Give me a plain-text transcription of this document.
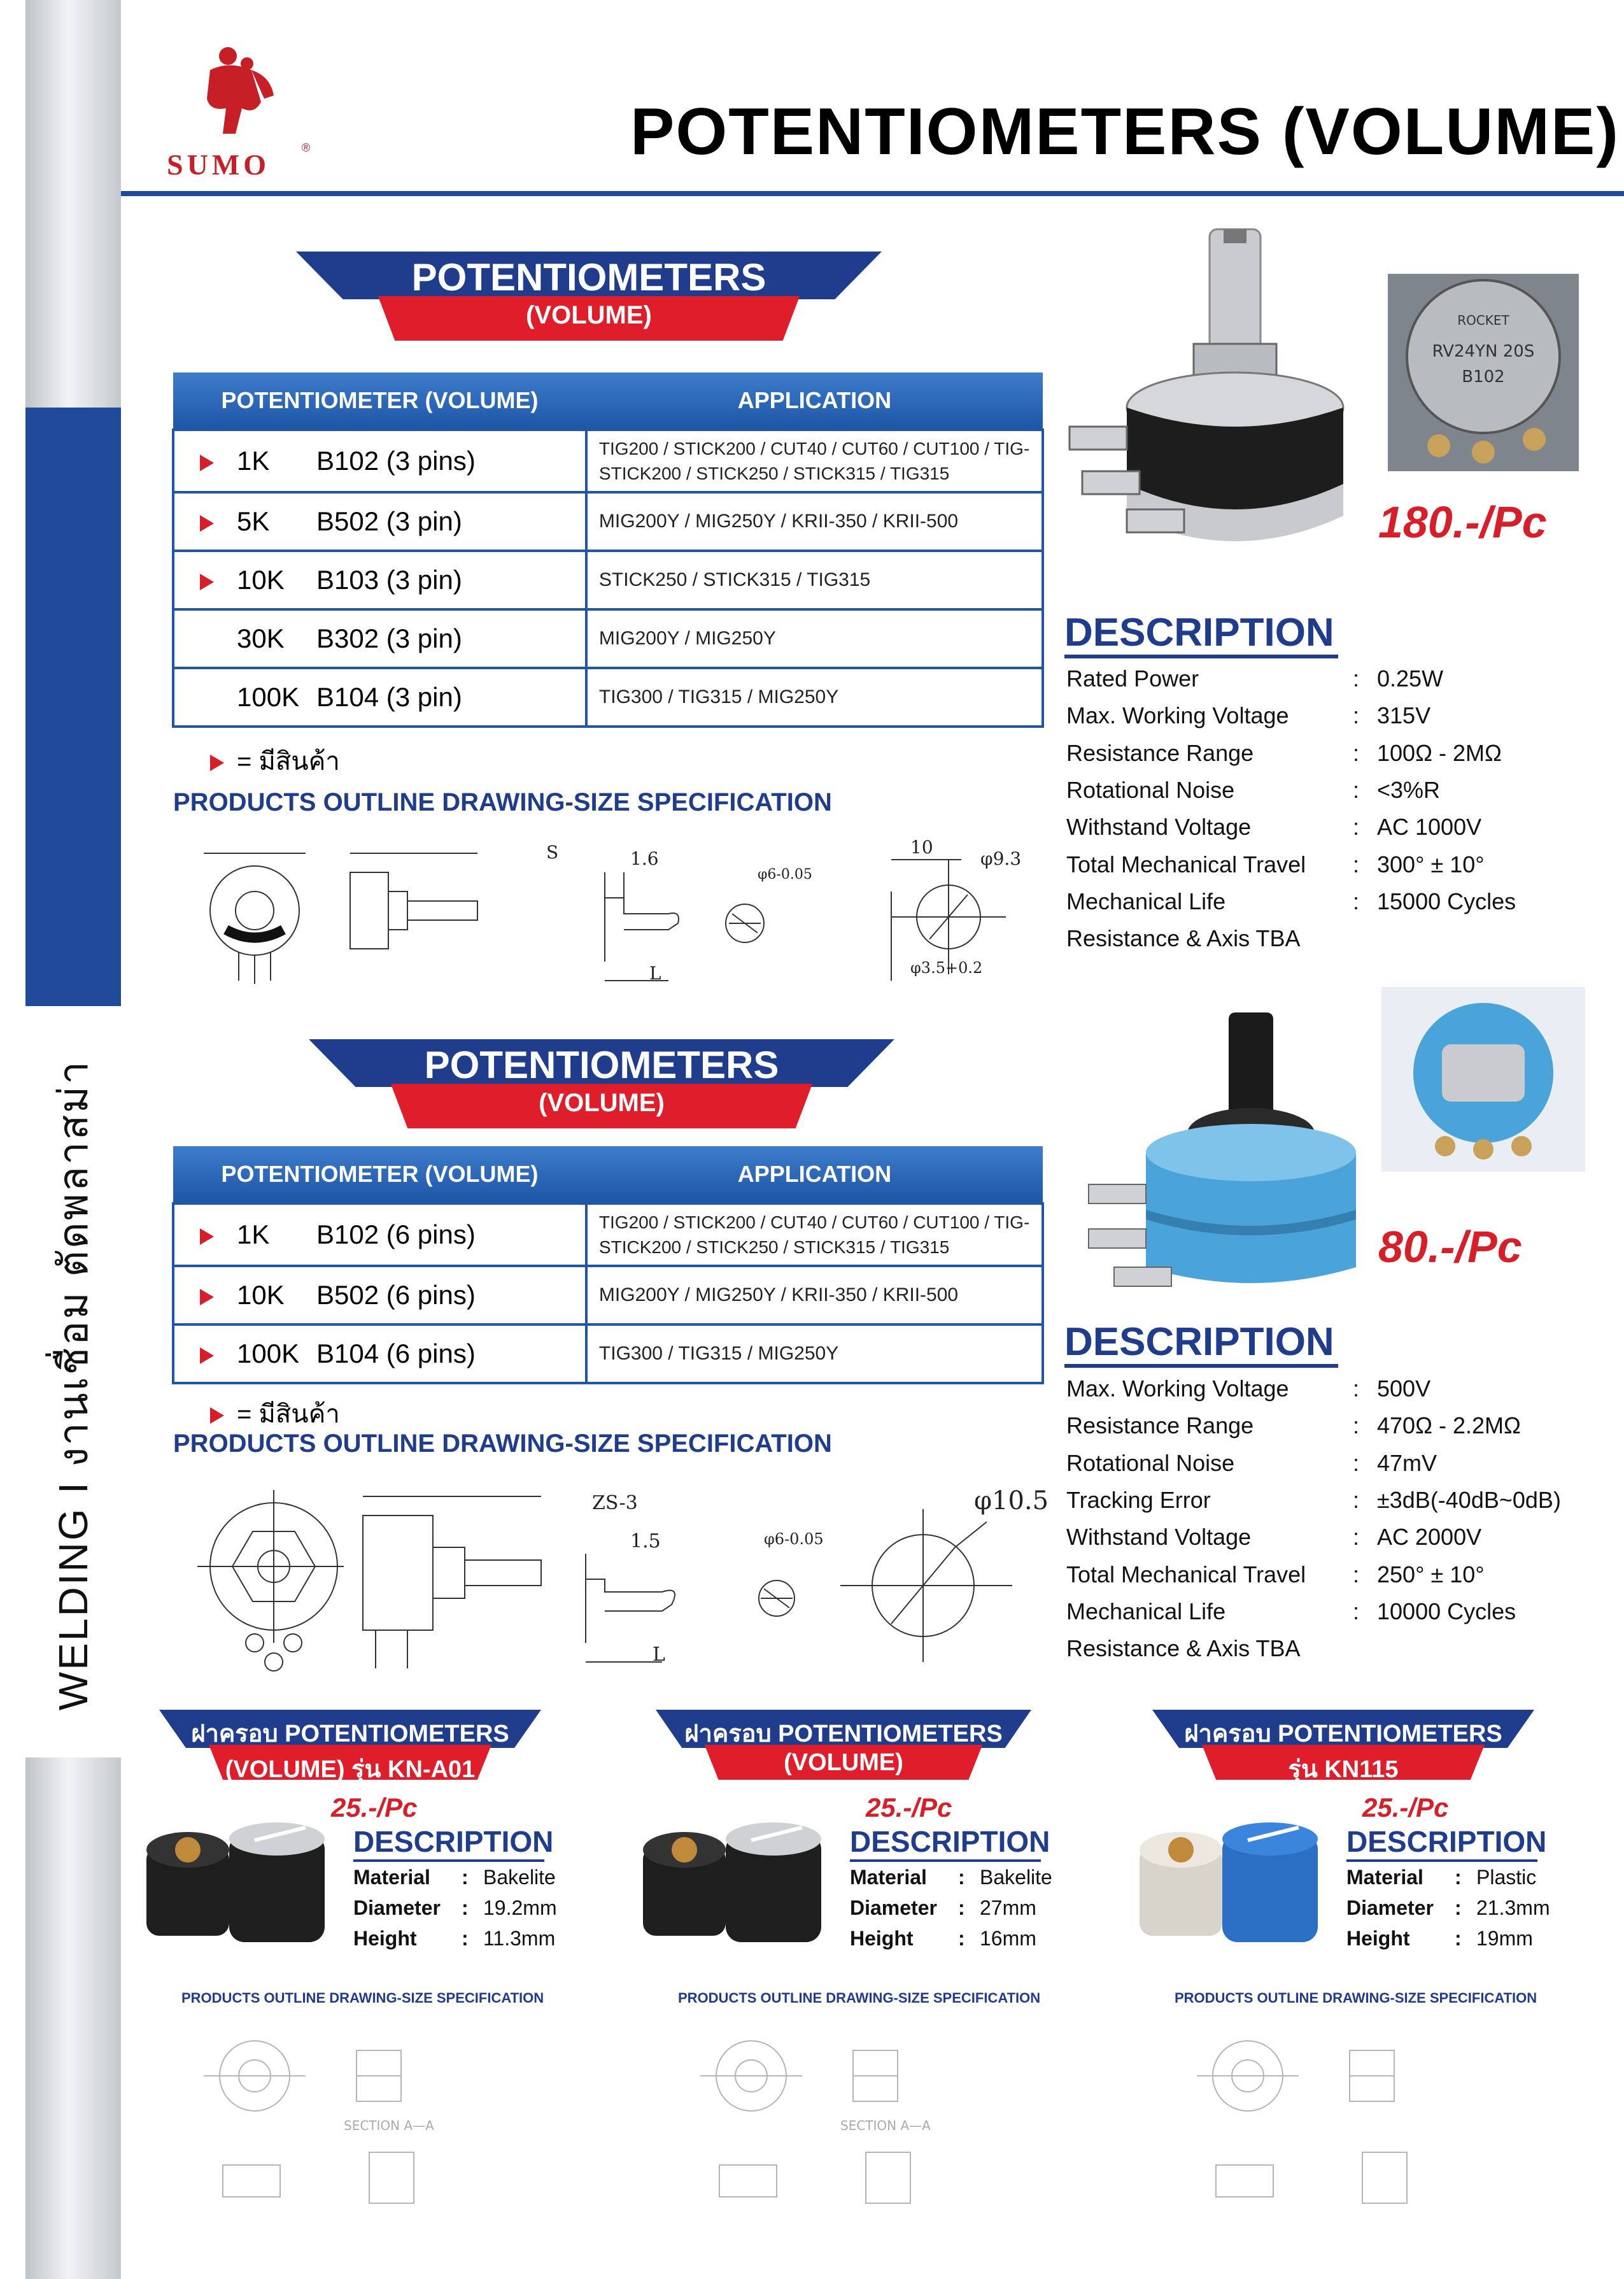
WELDING I งานเชื่อม ตัดพลาสม่า
SUMO
®	POTENTIOMETERS (VOLUME)
POTENTIOMETERS
(VOLUME)
POTENTIOMETER (VOLUME)	APPLICATION
1K B102 (3 pins)	TIG200 / STICK200 / CUT40 / CUT60 / CUT100 / TIG-STICK200 / STICK250 / STICK315 / TIG315
5K B502 (3 pin)	MIG200Y / MIG250Y / KRII-350 / KRII-500
10K B103 (3 pin)	STICK250 / STICK315 / TIG315
30K B302 (3 pin)	MIG200Y / MIG250Y
100K B104 (3 pin)	TIG300 / TIG315 / MIG250Y
= มีสินค้า
PRODUCTS OUTLINE DRAWING-SIZE SPECIFICATION
S	1.6
L
10
φ9.3
φ6-0.05
φ3.5+0.2
ROCKET
RV24YN 20S
B102
180.-/Pc
DESCRIPTION
Rated Power	: 0.25W
Max. Working Voltage	: 315V
Resistance Range	: 100Ω - 2MΩ
Rotational Noise	: <3%R
Withstand Voltage	: AC 1000V
Total Mechanical Travel : 300° ± 10°
Mechanical Life	: 15000 Cycles
Resistance & Axis TBA
POTENTIOMETERS
(VOLUME)
POTENTIOMETER (VOLUME)	APPLICATION
1K B102 (6 pins)	TIG200 / STICK200 / CUT40 / CUT60 / CUT100 / TIG-STICK200 / STICK250 / STICK315 / TIG315
10K B502 (6 pins)	MIG200Y / MIG250Y / KRII-350 / KRII-500
100K B104 (6 pins)	TIG300 / TIG315 / MIG250Y
= มีสินค้า
PRODUCTS OUTLINE DRAWING-SIZE SPECIFICATION
ZS-3
1.5
L
φ10.5
φ6-0.05
80.-/Pc
DESCRIPTION
Max. Working Voltage	: 500V
Resistance Range	: 470Ω - 2.2MΩ
Rotational Noise	: 47mV
Tracking Error	: ±3dB(-40dB~0dB)
Withstand Voltage	: AC 2000V
Total Mechanical Travel : 250° ± 10°
Mechanical Life	: 10000 Cycles
Resistance & Axis TBA
ฝาครอบ POTENTIOMETERS
(VOLUME) รุ่น KN-A01
25.-/Pc
DESCRIPTION
Material : Bakelite
Diameter : 19.2mm
Height : 11.3mm
PRODUCTS OUTLINE DRAWING-SIZE SPECIFICATION
SECTION A—A
ฝาครอบ POTENTIOMETERS
(VOLUME)
25.-/Pc
DESCRIPTION
Material : Bakelite
Diameter : 27mm
Height : 16mm
PRODUCTS OUTLINE DRAWING-SIZE SPECIFICATION
SECTION A—A
ฝาครอบ POTENTIOMETERS
รุ่น KN115
25.-/Pc
DESCRIPTION
Material : Plastic
Diameter : 21.3mm
Height : 19mm
PRODUCTS OUTLINE DRAWING-SIZE SPECIFICATION
